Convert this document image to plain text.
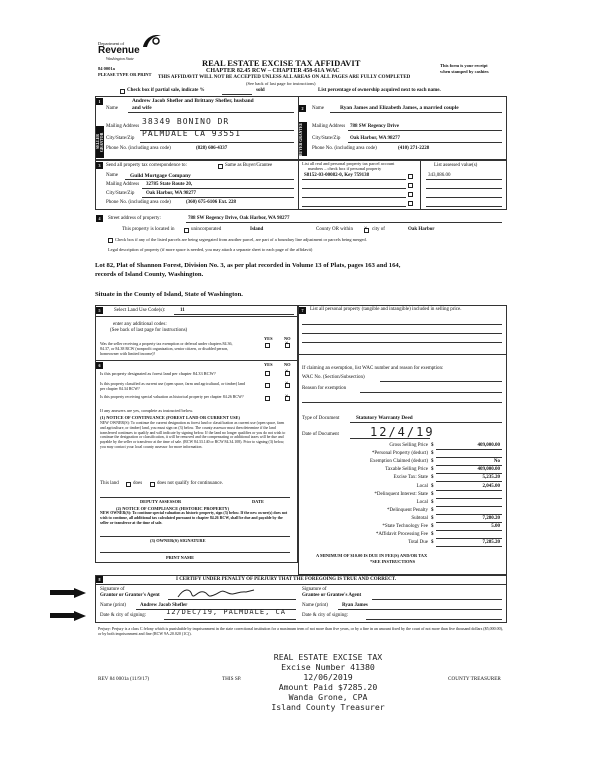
Department of
Revenue
Washington State
84 0001a
PLEASE TYPE OR PRINT
REAL ESTATE EXCISE TAX AFFIDAVIT
CHAPTER 82.45 RCW – CHAPTER 458-61A WAC
THIS AFFIDAVIT WILL NOT BE ACCEPTED UNLESS ALL AREAS ON ALL PAGES ARE FULLY COMPLETED
(See back of last page for instructions)
This form is your receipt
when stamped by cashier.
Check box if partial sale, indicate %	sold	List percentage of ownership acquired next to each name.
1
SELLER GRANTOR
Name
Andrew Jacob Shefler and Brittany Shefler, husband
and wife
Mailing Address
38349 BONINO DR
City/State/Zip
PALMDALE CA 93551
Phone No. (including area code)	(828) 606-4337
2
BUYER GRANTEE
Name	Ryan James and Elizabeth James, a married couple
Mailing Address 788 SW Regency Drive
City/State/Zip Oak Harbor, WA 98277
Phone No. (including area code)	(410) 271-2228
3	Send all property tax correspondence to:	Same as Buyer/Grantee
Name Guild Mortgage Company
Mailing Address 32785 State Route 20,
City/State/Zip Oak Harbor, WA 98277
Phone No. (including area code)	(360) 675-6106 Ext. 228
List all real and personal property tax parcel account
numbers – check box if personal property
List assessed value(s)
S8152-03-00082-0, Key 759138	343,086.00
4	Street address of property:	788 SW Regency Drive, Oak Harbor, WA 98277
This property is located in	unincorporated	Island	County OR within × city of	Oak Harbor
Check box if any of the listed parcels are being segregated from another parcel, are part of a boundary line adjustment or parcels being merged.
Legal description of property (if more space is needed, you may attach a separate sheet to each page of the affidavit)
Lot 82, Plat of Shannon Forest, Division No. 3, as per plat recorded in Volume 13 of Plats, pages 163 and 164,
records of Island County, Washington.
Situate in the County of Island, State of Washington.
5	Select Land Use Code(s):	11
enter any additional codes:
(See back of last page for instructions)
YES	NO
Was the seller receiving a property tax exemption or deferral under chapters 84.36, 84.37, or 84.38 RCW (nonprofit organization, senior citizen, or disabled person, homeowner with limited income)?
×
6	YES	NO
Is this property designated as forest land per chapter 84.33 RCW?	×
Is this property classified as current use (open space, farm and agricultural, or timber) land per chapter 84.34 RCW?
×
Is this property receiving special valuation as historical property per chapter 84.26 RCW?	×
If any answers are yes, complete as instructed below.
(1) NOTICE OF CONTINUANCE (FOREST LAND OR CURRENT USE)
NEW OWNER(S): To continue the current designation as forest land or classification as current use (open space, farm and agriculture, or timber) land, you must sign on (3) below. The county assessor must then determine if the land transferred continues to qualify and will indicate by signing below. If the land no longer qualifies or you do not wish to continue the designation or classification, it will be removed and the compensating or additional taxes will be due and payable by the seller or transferor at the time of sale. (RCW 84.33.140 or RCW 84.34.108). Prior to signing (3) below, you may contact your local county assessor for more information.
This land	does	does not qualify for continuance.
DEPUTY ASSESSOR	DATE
(2) NOTICE OF COMPLIANCE (HISTORIC PROPERTY)
NEW OWNER(S): To continue special valuation as historic property, sign (3) below. If the new owner(s) does not wish to continue, all additional tax calculated pursuant to chapter 84.26 RCW, shall be due and payable by the seller or transferor at the time of sale.
(3) OWNER(S) SIGNATURE
PRINT NAME
7	List all personal property (tangible and intangible) included in selling price.
If claiming an exemption, list WAC number and reason for exemption:
WAC No. (Section/Subsection)
Reason for exemption
Type of Document	Statutory Warranty Deed
Date of Document	12/4/19
Gross Selling Price $	409,000.00
*Personal Property (deduct) $
Exemption Claimed (deduct) $	No
Taxable Selling Price $	409,000.00
Excise Tax: State $	5,235.20
Local $	2,045.00
*Delinquent Interest: State $
Local $
*Delinquent Penalty $
Subtotal $	7,280.20
*State Technology Fee $	5.00
*Affidavit Processing Fee $
Total Due $	7,285.20
A MINIMUM OF $10.00 IS DUE IN FEE(S) AND/OR TAX
*SEE INSTRUCTIONS
8	I CERTIFY UNDER PENALTY OF PERJURY THAT THE FOREGOING IS TRUE AND CORRECT.
Signature of
Grantor or Grantor's Agent
Signature of
Grantee or Grantee's Agent
Name (print)	Andrew Jacob Shefler	Name (print)	Ryan James
Date & city of signing:	12/DEC/19, PALMDALE, CA	Date & city of signing:
Perjury: Perjury is a class C felony which is punishable by imprisonment in the state correctional institution for a maximum term of not more than five years, or by a fine in an amount fixed by the court of not more than five thousand dollars ($5,000.00), or by both imprisonment and fine (RCW 9A.20.020 (1C)).
REV 84 0001a (11/9/17)	THIS SP.	COUNTY TREASURER
REAL ESTATE EXCISE TAX
Excise Number 41380
12/06/2019
Amount Paid $7285.20
Wanda Grone, CPA
Island County Treasurer
